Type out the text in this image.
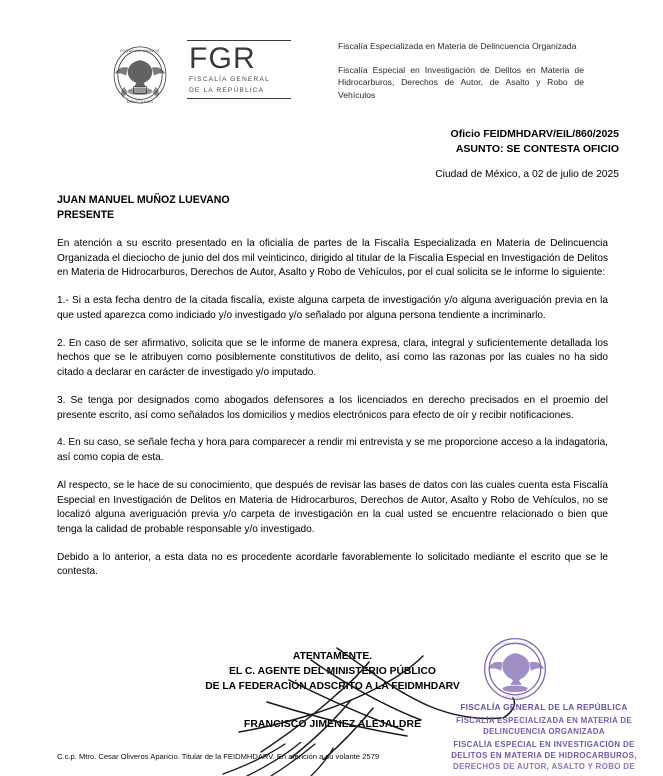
ESTADOS UNIDOS
MEXICANOS
FGR
FISCALÍA GENERAL
DE LA REPÚBLICA

Fiscalía Especializada en Materia de Delincuencia Organizada

Fiscalía Especial en Investigación de Delitos en Materia de Hidrocarburos, Derechos de Autor, de Asalto y Robo de Vehículos

Oficio FEIDMHDARV/EIL/860/2025
ASUNTO: SE CONTESTA OFICIO
Ciudad de México, a 02 de julio de 2025
JUAN MANUEL MUÑOZ LUEVANO
PRESENTE

En atención a su escrito presentado en la oficialía de partes de la Fiscalía Especializada en Materia de Delincuencia Organizada el dieciocho de junio del dos mil veinticinco, dirigido al titular de la Fiscalía Especial en Investigación de Delitos en Materia de Hidrocarburos, Derechos de Autor, Asalto y Robo de Vehículos, por el cual solicita se le informe lo siguiente:

1.- Si a esta fecha dentro de la citada fiscalía, existe alguna carpeta de investigación y/o alguna averiguación previa en la que usted aparezca como indiciado y/o investigado y/o señalado por alguna persona tendiente a incriminarlo.

2. En caso de ser afirmativo, solicita que se le informe de manera expresa, clara, integral y suficientemente detallada los hechos que se le atribuyen como posiblemente constitutivos de delito, así como las razonas por las cuales no ha sido citado a declarar en carácter de investigado y/o imputado.

3. Se tenga por designados como abogados defensores a los licenciados en derecho precisados en el proemio del presente escrito, así como señalados los domicilios y medios electrónicos para efecto de oír y recibir notificaciones.

4. En su caso, se señale fecha y hora para comparecer a rendir mi entrevista y se me proporcione acceso a la indagatoria, así como copia de esta.

Al respecto, se le hace de su conocimiento, que después de revisar las bases de datos con las cuales cuenta esta Fiscalía Especial en Investigación de Delitos en Materia de Hidrocarburos, Derechos de Autor, Asalto y Robo de Vehículos, no se localizó alguna averiguación previa y/o carpeta de investigación en la cual usted se encuentre relacionado o bien que tenga la calidad de probable responsable y/o investigado.

Debido a lo anterior, a esta data no es procedente acordarle favorablemente lo solicitado mediante el escrito que se le contesta.

ATENTAMENTE.
EL C. AGENTE DEL MINISTERIO PÚBLICO
DE LA FEDERACIÓN ADSCRITO A LA FEIDMHDARV
FRANCISCO JIMENEZ ALEJALDRE
ESTADOS UNIDOS
MEXICANOS
FISCALÍA GENERAL DE LA REPÚBLICA
FISCALÍA ESPECIALIZADA EN MATERIA DE
DELINCUENCIA ORGANIZADA
FISCALÍA ESPECIAL EN INVESTIGACIÓN DE
DELITOS EN MATERIA DE HIDROCARBUROS,
DERECHOS DE AUTOR, ASALTO Y ROBO DE
C.c.p. Mtro. Cesar Oliveros Aparicio. Titular de la FEIDMHDARV. En atención a su volante 2579
